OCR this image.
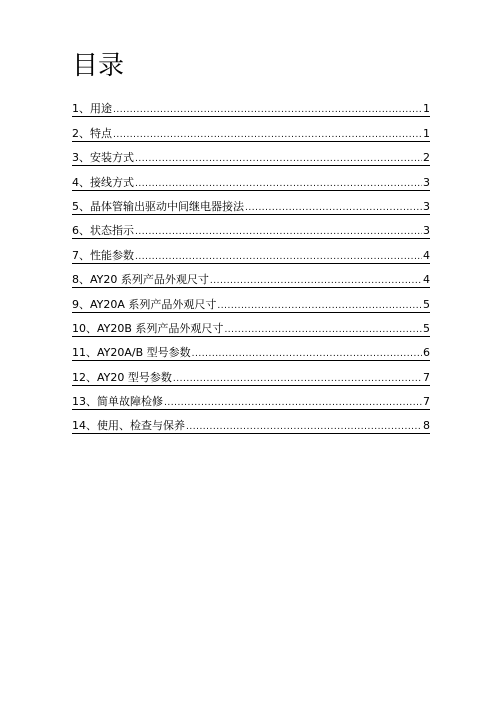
目录
1、用途 .....	1
2、特点 .....	1
3、安装方式 .....	2
4、接线方式 .....	3
5、晶体管输出驱动中间继电器接法 .....	3
6、状态指示 .....	3
7、性能参数 .....	4
8、AY20 系列产品外观尺寸 .....	4
9、AY20A 系列产品外观尺寸 .....	5
10、AY20B 系列产品外观尺寸 .....	5
11、AY20A/B 型号参数 .....	6
12、AY20 型号参数 .....	7
13、简单故障检修 .....	7
14、使用、检查与保养 .....	8
